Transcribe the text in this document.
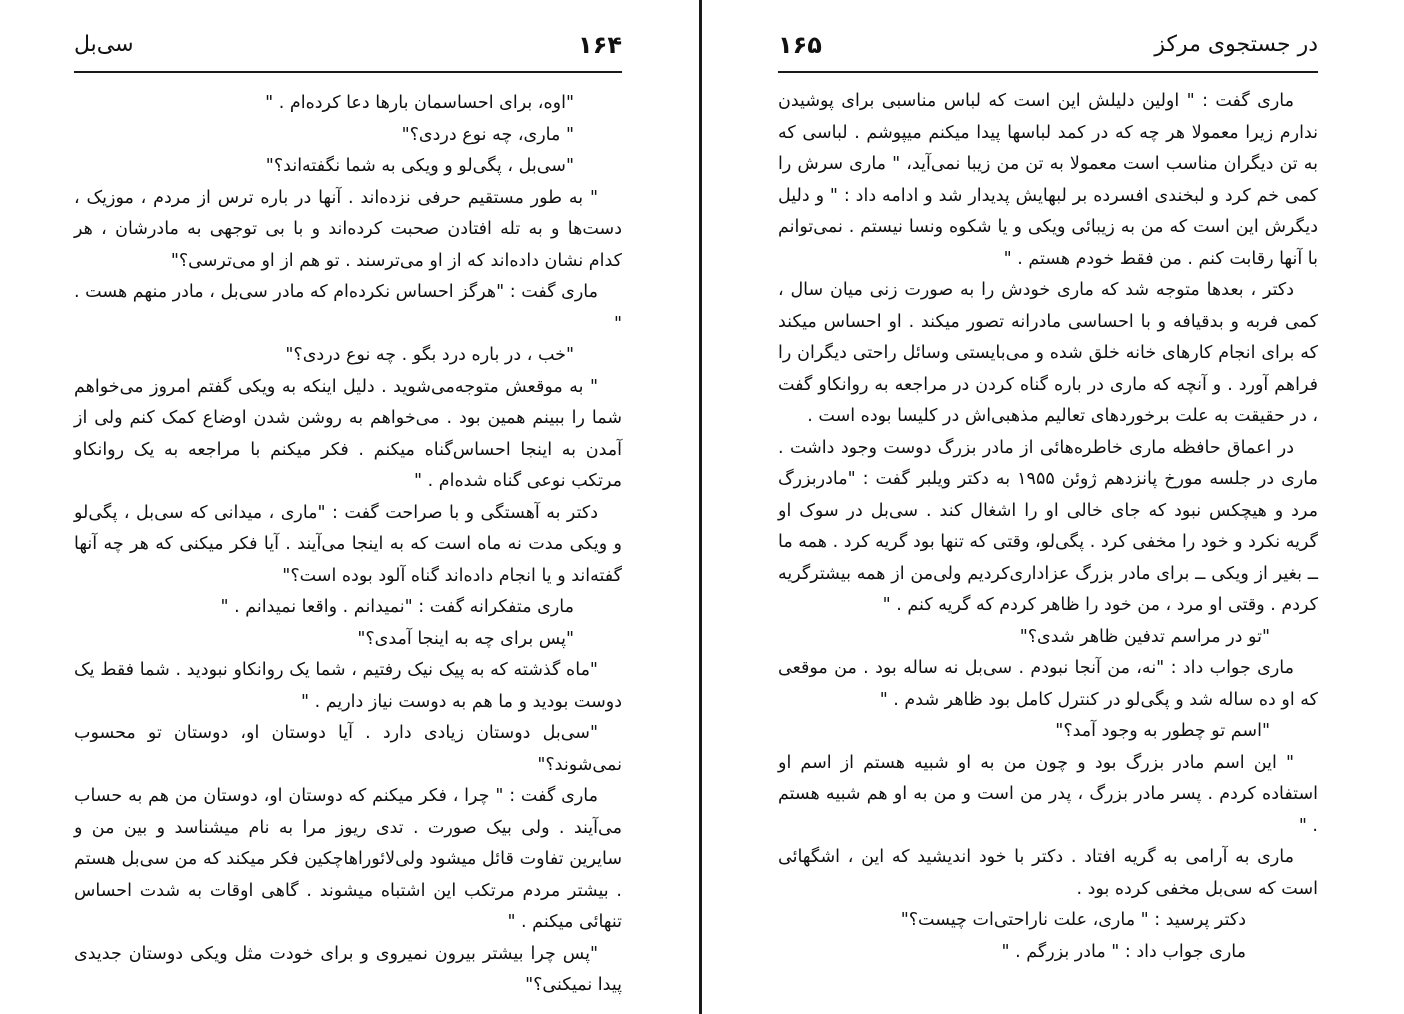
۱۶۴
سی‌بل

"اوه، برای احساسمان بارها دعا کرده‌ام . "

" ماری، چه نوع دردی؟"

"سی‌بل ، پگی‌لو و ویکی به شما نگفته‌اند؟"

" به طور مستقیم حرفی نزده‌اند . آنها در باره ترس از مردم ، موزیک ، دست‌ها و به تله افتادن صحبت کرده‌اند و با بی توجهی به مادرشان ، هر کدام نشان داده‌اند که از او می‌ترسند . تو هم از او می‌ترسی؟"

ماری گفت : "هرگز احساس نکرده‌ام که مادر سی‌بل ، مادر منهم هست . "

"خب ، در باره درد بگو . چه نوع دردی؟"

" به موقعش متوجه‌می‌شوید . دلیل اینکه به ویکی گفتم امروز می‌خواهم شما را ببینم همین بود . می‌خواهم به روشن شدن اوضاع کمک کنم ولی از آمدن به اینجا احساس‌گناه میکنم . فکر میکنم با مراجعه به یک روانکاو مرتکب نوعی گناه شده‌ام . "

دکتر به آهستگی و با صراحت گفت : "ماری ، میدانی که سی‌بل ، پگی‌لو و ویکی مدت نه ماه است که به اینجا می‌آیند . آیا فکر میکنی که هر چه آنها گفته‌اند و یا انجام داده‌اند گناه آلود بوده است؟"

ماری متفکرانه گفت : "نمیدانم . واقعا نمیدانم . "

"پس برای چه به اینجا آمدی؟"

"ماه گذشته که به پیک نیک رفتیم ، شما یک روانکاو نبودید . شما فقط یک دوست بودید و ما هم به دوست نیاز داریم . "

"سی‌بل دوستان زیادی دارد . آیا دوستان او، دوستان تو محسوب نمی‌شوند؟"

ماری گفت : " چرا ، فکر میکنم که دوستان او، دوستان من هم به حساب می‌آیند . ولی بیک صورت . تدی ریوز مرا به نام میشناسد و بین من و سایرین تفاوت قائل میشود ولی‌لائورا‌هاچکین فکر میکند که من سی‌بل هستم . بیشتر مردم مرتکب این اشتباه میشوند . گاهی اوقات به شدت احساس تنهائی میکنم . "

"پس چرا بیشتر بیرون نمیروی و برای خودت مثل ویکی دوستان جدیدی پیدا نمیکنی؟"

۱۶۵	در جستجوی مرکز

ماری گفت : " اولین دلیلش این است که لباس مناسبی برای پوشیدن ندارم زیرا معمولا هر چه که در کمد لباسها پیدا میکنم میپوشم . لباسی که به تن دیگران مناسب است معمولا به تن من زیبا نمی‌آید، " ماری سرش را کمی خم کرد و لبخندی افسرده بر لبهایش پدیدار شد و ادامه داد : " و دلیل دیگرش این است که من به زیبائی ویکی و یا شکوه ونسا نیستم . نمی‌توانم با آنها رقابت کنم . من فقط خودم هستم . "

دکتر ، بعدها متوجه شد که ماری خودش را به صورت زنی میان سال ، کمی فربه و بدقیافه و با احساسی مادرانه تصور میکند . او احساس میکند که برای انجام کارهای خانه خلق شده و می‌بایستی وسائل راحتی دیگران را فراهم آورد . و آنچه که ماری در باره گناه کردن در مراجعه به روانکاو گفت ، در حقیقت به علت برخوردهای تعالیم مذهبی‌اش در کلیسا بوده است .

در اعماق حافظه ماری خاطره‌هائی از مادر بزرگ دوست‌ وجود داشت . ماری در جلسه مورخ پانزدهم ژوئن ۱۹۵۵ به دکتر ویلبر گفت : "مادربزرگ مرد و هیچکس نبود که جای خالی او را اشغال کند . سی‌بل در سوک او گریه نکرد و خود را مخفی کرد . پگی‌لو، وقتی که تنها بود گریه کرد . همه ما ــ بغیر از ویکی ــ برای مادر بزرگ عزاداری‌کردیم ولی‌من از همه بیشتر‌گریه کردم . وقتی او مرد ، من خود را ظاهر کردم که گریه کنم . "

"تو در مراسم تدفین ظاهر شدی؟"

ماری جواب داد : "نه، من آنجا نبودم . سی‌بل نه ساله بود . من موقعی که او ده ساله شد و پگی‌لو در کنترل کامل بود ظاهر شدم . "

"اسم تو چطور به وجود آمد؟"

" این اسم مادر بزرگ بود و چون من به او شبیه هستم از اسم او استفاده کردم . پسر مادر بزرگ ، پدر من است و من به او هم شبیه هستم . "

ماری به آرامی به گریه افتاد . دکتر با خود اندیشید که این ، اشگهائی است که سی‌بل مخفی کرده بود .

دکتر پرسید : " ماری، علت ناراحتی‌ات چیست؟"

ماری جواب داد : " مادر بزرگم . "
